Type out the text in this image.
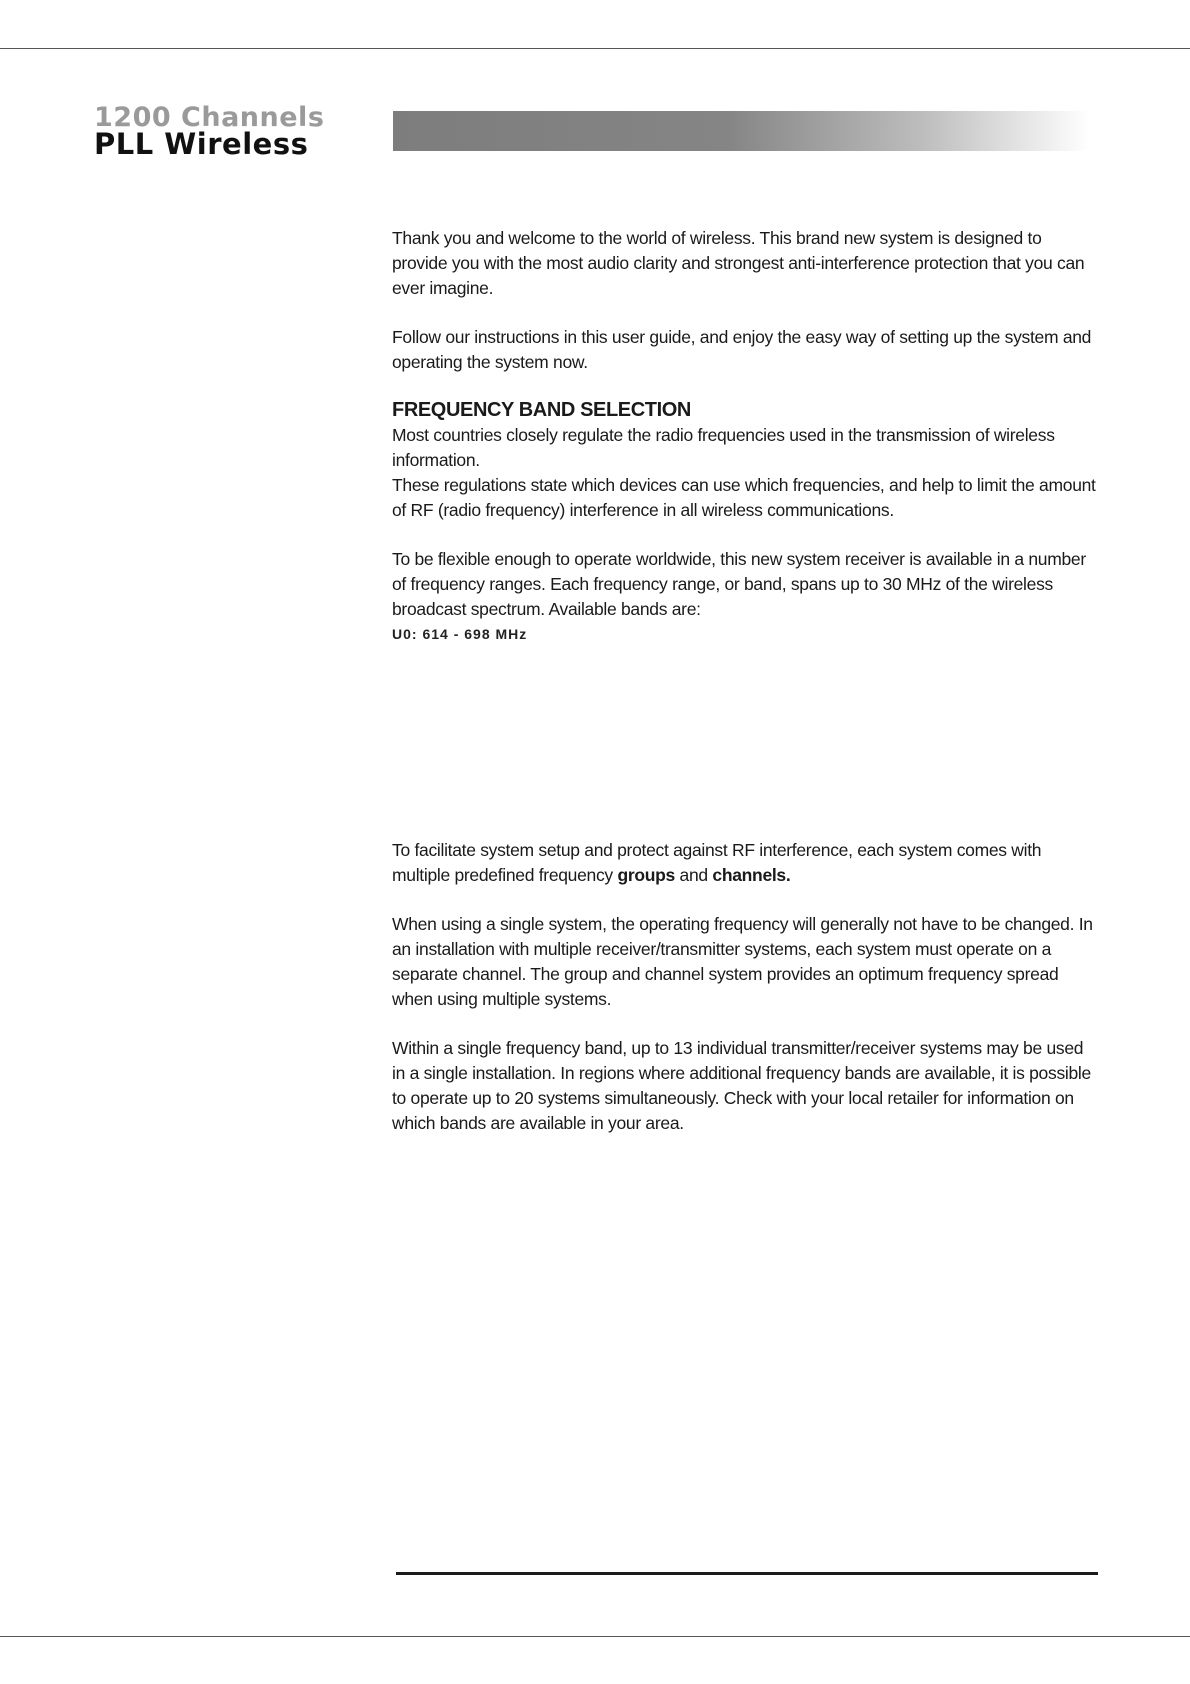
1200 Channels
PLL Wireless

Thank you and welcome to the world of wireless. This brand new system is designed to provide you with the most audio clarity and strongest anti-interference protection that you can ever imagine.

Follow our instructions in this user guide, and enjoy the easy way of setting up the system and operating the system now.

FREQUENCY BAND SELECTION

Most countries closely regulate the radio frequencies used in the transmission of wireless information.

These regulations state which devices can use which frequencies, and help to limit the amount of RF (radio frequency) interference in all wireless communications.

To be flexible enough to operate worldwide, this new system receiver is available in a number of frequency ranges. Each frequency range, or band, spans up to 30 MHz of the wireless broadcast spectrum. Available bands are:

U0: 614 - 698 MHz

To facilitate system setup and protect against RF interference, each system comes with multiple predefined frequency groups and channels.

When using a single system, the operating frequency will generally not have to be changed. In an installation with multiple receiver/transmitter systems, each system must operate on a separate channel. The group and channel system provides an optimum frequency spread when using multiple systems.

Within a single frequency band, up to 13 individual transmitter/receiver systems may be used in a single installation. In regions where additional frequency bands are available, it is possible to operate up to 20 systems simultaneously. Check with your local retailer for information on which bands are available in your area.
